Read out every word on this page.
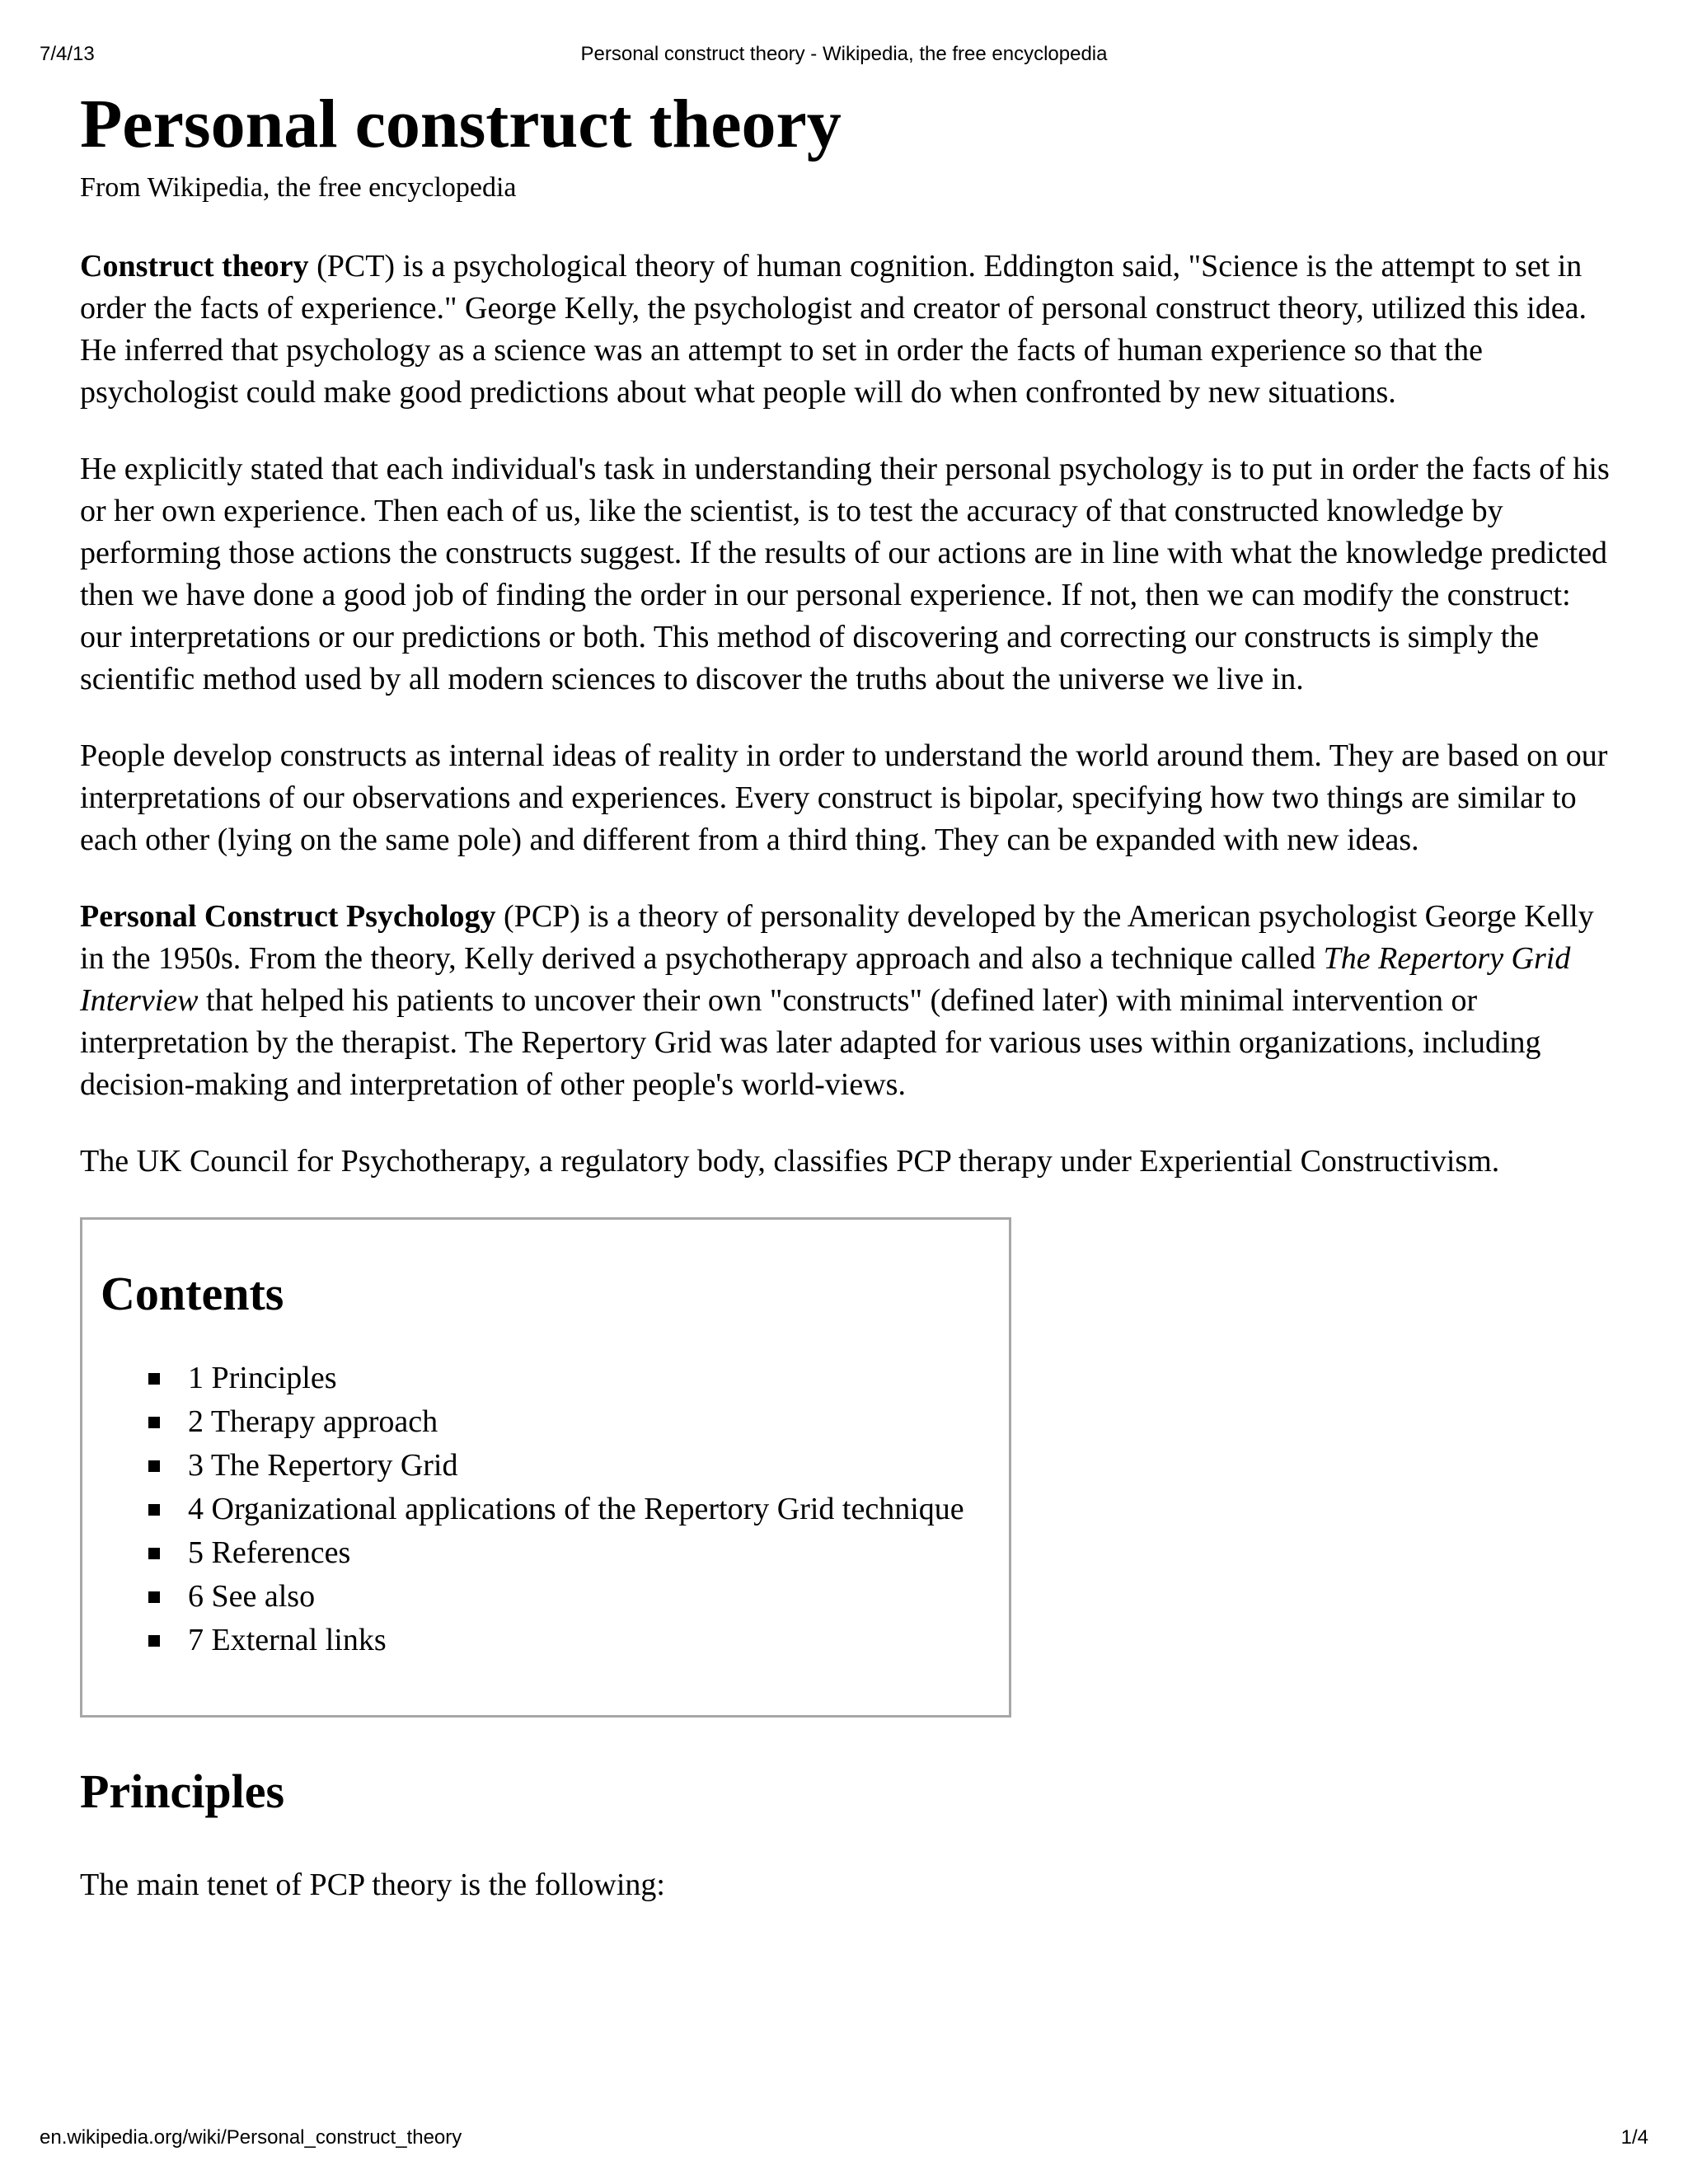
7/4/13	Personal construct theory - Wikipedia, the free encyclopedia
Personal construct theory
From Wikipedia, the free encyclopedia

Construct theory (PCT) is a psychological theory of human cognition. Eddington said, "Science is the attempt to set in order the facts of experience." George Kelly, the psychologist and creator of personal construct theory, utilized this idea. He inferred that psychology as a science was an attempt to set in order the facts of human experience so that the psychologist could make good predictions about what people will do when confronted by new situations.

He explicitly stated that each individual's task in understanding their personal psychology is to put in order the facts of his or her own experience. Then each of us, like the scientist, is to test the accuracy of that constructed knowledge by performing those actions the constructs suggest. If the results of our actions are in line with what the knowledge predicted then we have done a good job of finding the order in our personal experience. If not, then we can modify the construct: our interpretations or our predictions or both. This method of discovering and correcting our constructs is simply the scientific method used by all modern sciences to discover the truths about the universe we live in.

People develop constructs as internal ideas of reality in order to understand the world around them. They are based on our interpretations of our observations and experiences. Every construct is bipolar, specifying how two things are similar to each other (lying on the same pole) and different from a third thing. They can be expanded with new ideas.

Personal Construct Psychology (PCP) is a theory of personality developed by the American psychologist George Kelly in the 1950s. From the theory, Kelly derived a psychotherapy approach and also a technique called The Repertory Grid Interview that helped his patients to uncover their own "constructs" (defined later) with minimal intervention or interpretation by the therapist. The Repertory Grid was later adapted for various uses within organizations, including decision-making and interpretation of other people's world-views.

The UK Council for Psychotherapy, a regulatory body, classifies PCP therapy under Experiential Constructivism.

Contents
1 Principles
2 Therapy approach
3 The Repertory Grid
4 Organizational applications of the Repertory Grid technique
5 References
6 See also
7 External links
Principles

The main tenet of PCP theory is the following:

en.wikipedia.org/wiki/Personal_construct_theory	1/4
